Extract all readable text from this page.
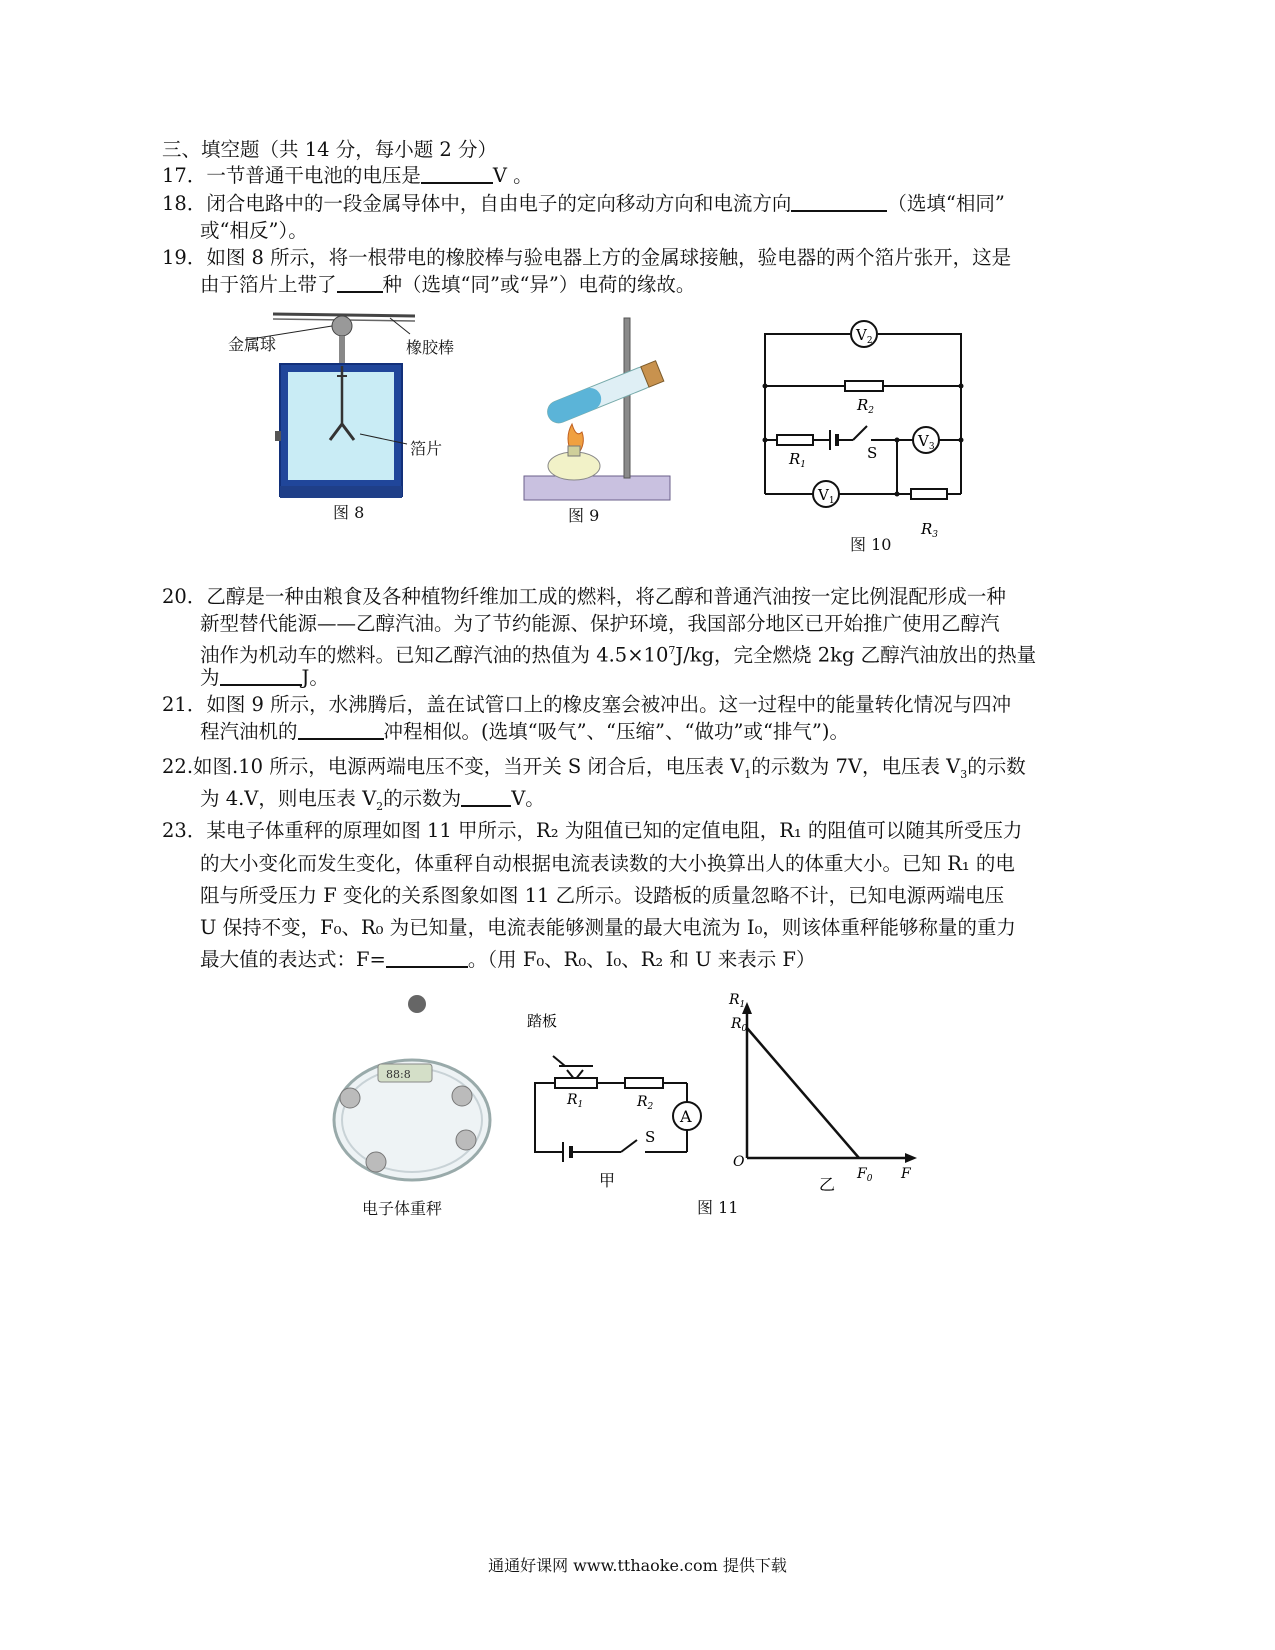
三、填空题（共 14 分，每小题 2 分）
17．一节普通干电池的电压是	V 。
18．闭合电路中的一段金属导体中，自由电子的定向移动方向和电流方向	（选填“相同”
或“相反”）。
19．如图 8 所示，将一根带电的橡胶棒与验电器上方的金属球接触，验电器的两个箔片张开，这是
由于箔片上带了 种（选填“同”或“异”）电荷的缘故。
金属球	橡胶棒
箔片
图 8	图 9
$V_2$
$V_3$
$V_1$
$R_2$
$R_1$
S
$R_3$
图 10
20．乙醇是一种由粮食及各种植物纤维加工成的燃料，将乙醇和普通汽油按一定比例混配形成一种
新型替代能源——乙醇汽油。为了节约能源、保护环境，我国部分地区已开始推广使用乙醇汽
油作为机动车的燃料。已知乙醇汽油的热值为 $4.5\times 10^7J/kg$，完全燃烧 2kg 乙醇汽油放出的热量
为	J。
21．如图 9 所示，水沸腾后，盖在试管口上的橡皮塞会被冲出。这一过程中的能量转化情况与四冲
程汽油机的	冲程相似。(选填“吸气”、“压缩”、“做功”或“排气”)。
22.如图.10 所示，电源两端电压不变，当开关 S 闭合后，电压表 $V_1$的示数为 7V，电压表 $V_3$的示数
为 4.V，则电压表 $V_2$的示数为	V。
23．某电子体重秤的原理如图 11 甲所示，R₂ 为阻值已知的定值电阻，R₁ 的阻值可以随其所受压力
的大小变化而发生变化，体重秤自动根据电流表读数的大小换算出人的体重大小。已知 R₁ 的电
阻与所受压力 F 变化的关系图象如图 11 乙所示。设踏板的质量忽略不计，已知电源两端电压
U 保持不变，F₀、R₀ 为已知量，电流表能够测量的最大电流为 I₀，则该体重秤能够称量的重力
最大值的表达式：F=	。（用 F₀、R₀、I₀、R₂ 和 U 来表示 F）
88:8
电子体重秤
踏板
A
$R_1$	$R_2$
S
甲
图 11
$R_1$
$R_0$
O
$F_0$ F
乙
通通好课网 www.tthaoke.com 提供下载
